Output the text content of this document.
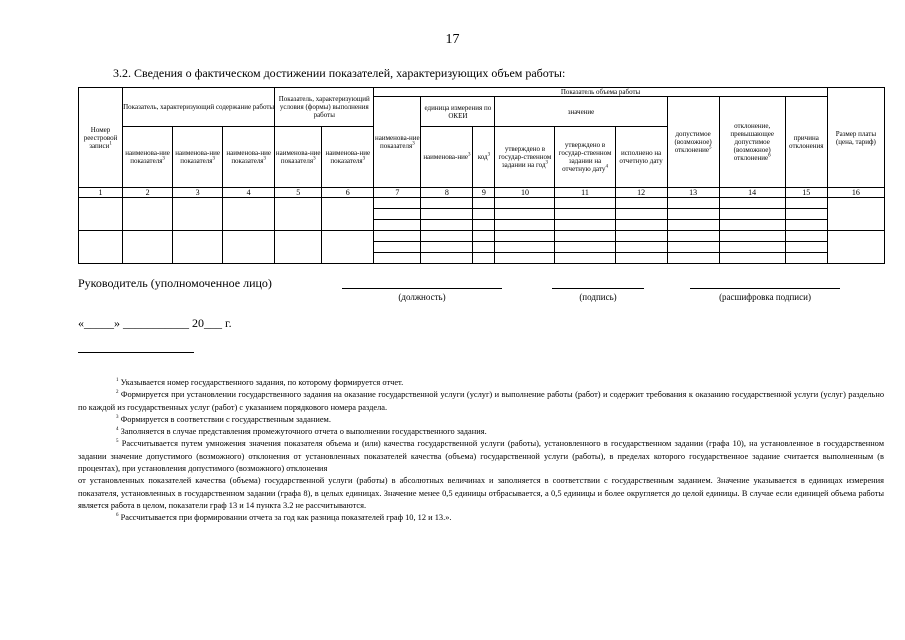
17
3.2. Сведения о фактическом достижении показателей, характеризующих объем работы:
Номер реестровой записи$^1$	Показатель, характеризующий содержание работы			Показатель, характеризующий условия (формы) выполнения работы		Показатель объема работы									Размер платы (цена, тариф)
						наименова-ние показателя$^3$	единица измерения по ОКЕИ		значение			допустимое (возможное) отклонение$^5$	отклонение, превышающее допустимое (возможное) отклонение$^6$	причина отклонения	
	наименова-ние показателя$^3$	наименова-ние показателя$^3$	наименова-ние показателя$^3$	наименова-ние показателя$^3$	наименова-ние показателя$^3$		наименова-ние$^3$	код$^3$	утверждено в государ-ственном задании на год$^3$	утверждено в государ-ственном задании на отчетную дату$^4$	исполнено на отчетную дату				
1	2	3	4	5	6	7	8	9	10	11	12	13	14	15	16

Руководитель (уполномоченное лицо)
(должность)	(подпись)	(расшифровка подписи)
«_____» ___________ 20___ г.

$^1$ Указывается номер государственного задания, по которому формируется отчет.

$^2$ Формируется при установлении государственного задания на оказание государственной услуги (услуг) и выполнение работы (работ) и содержит требования к оказанию государственной услуги (услуг) раздельно по каждой из государственных услуг (работ) с указанием порядкового номера раздела.

$^3$ Формируется в соответствии с государственным заданием.

$^4$ Заполняется в случае представления промежуточного отчета о выполнении государственного задания.

$^5$ Рассчитывается путем умножения значения показателя объема и (или) качества государственной услуги (работы), установленного в государственном задании (графа 10), на установленное в государственном задании значение допустимого (возможного) отклонения от установленных показателей качества (объема) государственной услуги (работы), в пределах которого государственное задание считается выполненным (в процентах), при установления допустимого (возможного) отклонения

от установленных показателей качества (объема) государственной услуги (работы) в абсолютных величинах и заполняется в соответствии с государственным заданием. Значение указывается в единицах измерения показателя, установленных в государственном задании (графа 8), в целых единицах. Значение менее 0,5 единицы отбрасывается, а 0,5 единицы и более округляется до целой единицы. В случае если единицей объема работы является работа в целом, показатели граф 13 и 14 пункта 3.2 не рассчитываются.

$^6$ Рассчитывается при формировании отчета за год как разница показателей граф 10, 12 и 13.».
